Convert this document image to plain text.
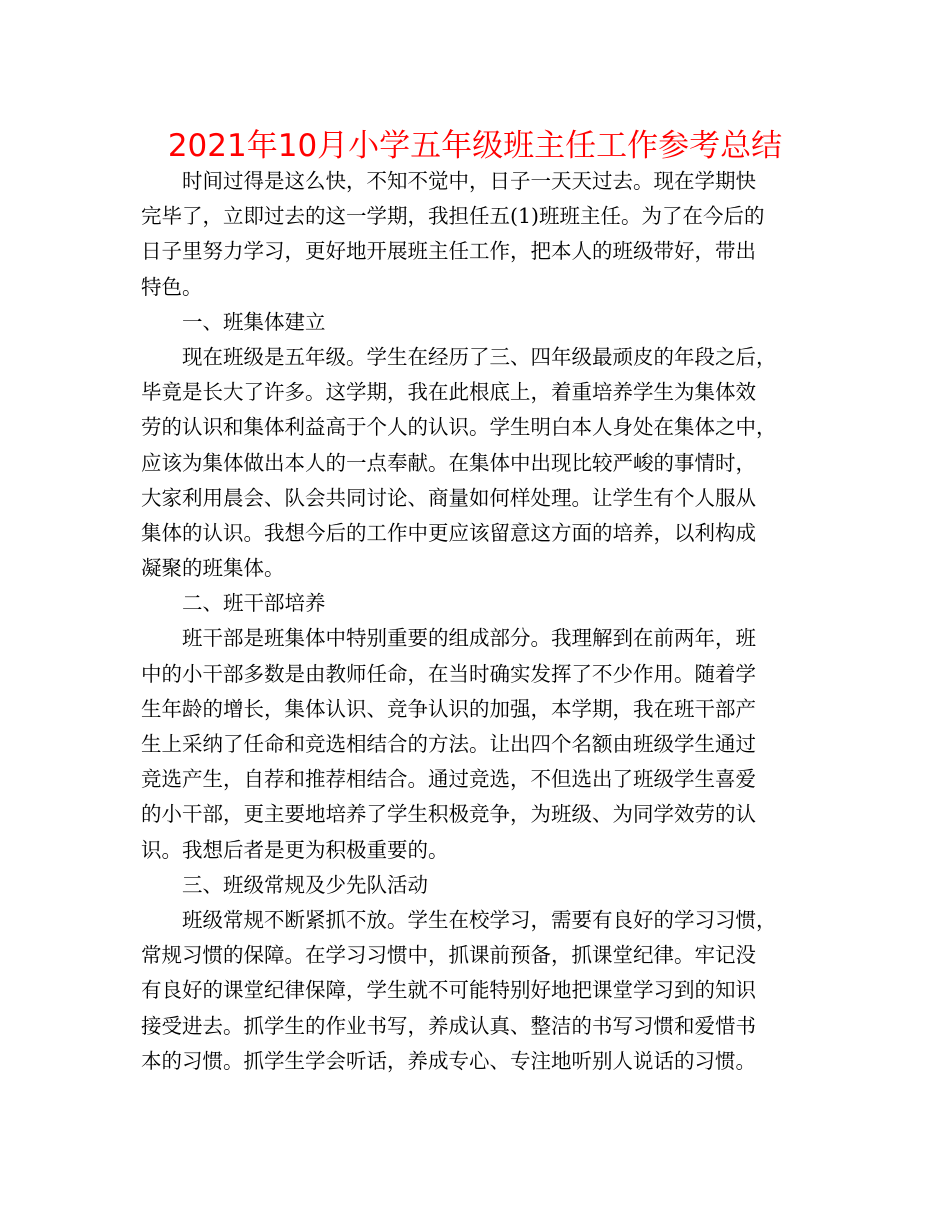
2021年10月小学五年级班主任工作参考总结
时间过得是这么快，不知不觉中，日子一天天过去。现在学期快
完毕了，立即过去的这一学期，我担任五(1)班班主任。为了在今后的
日子里努力学习，更好地开展班主任工作，把本人的班级带好，带出
特色。
一、班集体建立
现在班级是五年级。学生在经历了三、四年级最顽皮的年段之后，
毕竟是长大了许多。这学期，我在此根底上，着重培养学生为集体效
劳的认识和集体利益高于个人的认识。学生明白本人身处在集体之中，
应该为集体做出本人的一点奉献。在集体中出现比较严峻的事情时，
大家利用晨会、队会共同讨论、商量如何样处理。让学生有个人服从
集体的认识。我想今后的工作中更应该留意这方面的培养，以利构成
凝聚的班集体。
二、班干部培养
班干部是班集体中特别重要的组成部分。我理解到在前两年，班
中的小干部多数是由教师任命，在当时确实发挥了不少作用。随着学
生年龄的增长，集体认识、竞争认识的加强，本学期，我在班干部产
生上采纳了任命和竞选相结合的方法。让出四个名额由班级学生通过
竞选产生，自荐和推荐相结合。通过竞选，不但选出了班级学生喜爱
的小干部，更主要地培养了学生积极竞争，为班级、为同学效劳的认
识。我想后者是更为积极重要的。
三、班级常规及少先队活动
班级常规不断紧抓不放。学生在校学习，需要有良好的学习习惯，
常规习惯的保障。在学习习惯中，抓课前预备，抓课堂纪律。牢记没
有良好的课堂纪律保障，学生就不可能特别好地把课堂学习到的知识
接受进去。抓学生的作业书写，养成认真、整洁的书写习惯和爱惜书
本的习惯。抓学生学会听话，养成专心、专注地听别人说话的习惯。
